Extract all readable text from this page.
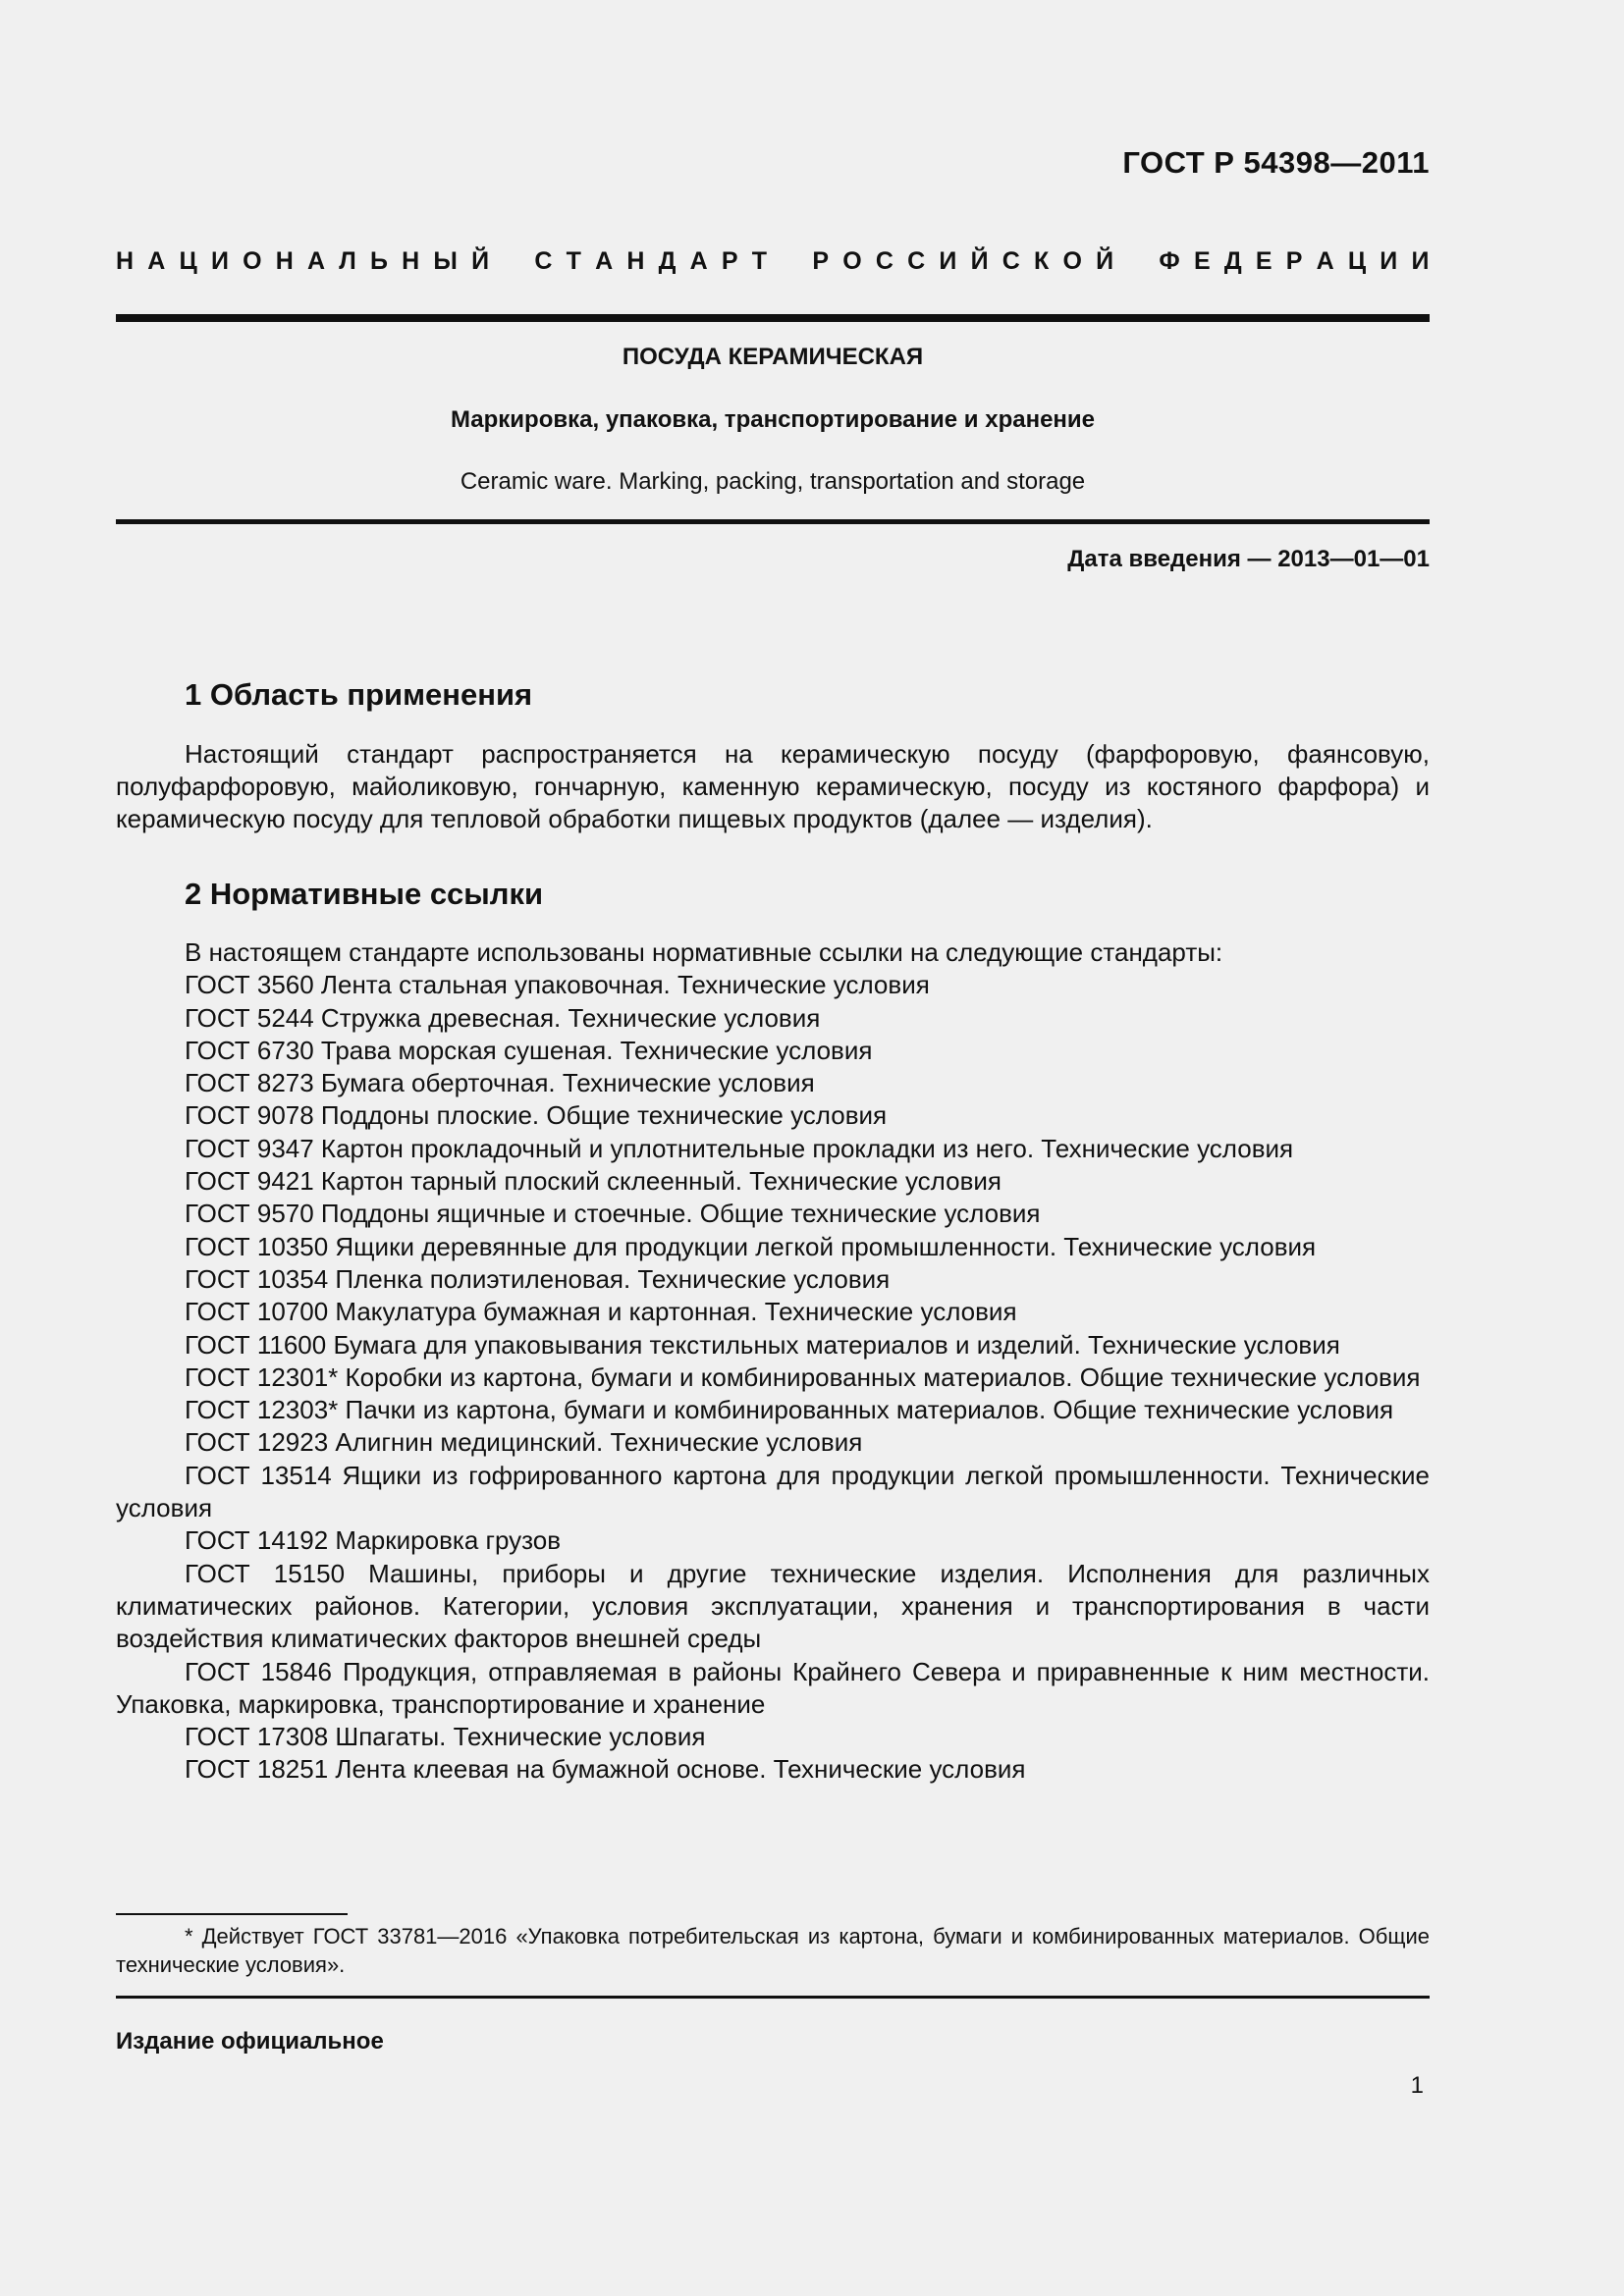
ГОСТ Р 54398—2011
Н А Ц И О Н А Л Ь Н Ы Й С Т А Н Д А Р Т Р О С С И Й С К О Й Ф Е Д Е Р А Ц И И
ПОСУДА КЕРАМИЧЕСКАЯ
Маркировка, упаковка, транспортирование и хранение
Ceramic ware. Marking, packing, transportation and storage
Дата введения — 2013—01—01
1 Область применения

Настоящий стандарт распространяется на керамическую посуду (фарфоровую, фаянсовую, полуфарфоровую, майоликовую, гончарную, каменную керамическую, посуду из костяного фарфора) и керамическую посуду для тепловой обработки пищевых продуктов (далее — изделия).

2 Нормативные ссылки

В настоящем стандарте использованы нормативные ссылки на следующие стандарты:

ГОСТ 3560 Лента стальная упаковочная. Технические условия

ГОСТ 5244 Стружка древесная. Технические условия

ГОСТ 6730 Трава морская сушеная. Технические условия

ГОСТ 8273 Бумага оберточная. Технические условия

ГОСТ 9078 Поддоны плоские. Общие технические условия

ГОСТ 9347 Картон прокладочный и уплотнительные прокладки из него. Технические условия

ГОСТ 9421 Картон тарный плоский склеенный. Технические условия

ГОСТ 9570 Поддоны ящичные и стоечные. Общие технические условия

ГОСТ 10350 Ящики деревянные для продукции легкой промышленности. Технические условия

ГОСТ 10354 Пленка полиэтиленовая. Технические условия

ГОСТ 10700 Макулатура бумажная и картонная. Технические условия

ГОСТ 11600 Бумага для упаковывания текстильных материалов и изделий. Технические условия

ГОСТ 12301* Коробки из картона, бумаги и комбинированных материалов. Общие технические условия

ГОСТ 12303* Пачки из картона, бумаги и комбинированных материалов. Общие технические условия

ГОСТ 12923 Алигнин медицинский. Технические условия

ГОСТ 13514 Ящики из гофрированного картона для продукции легкой промышленности. Технические условия

ГОСТ 14192 Маркировка грузов

ГОСТ 15150 Машины, приборы и другие технические изделия. Исполнения для различных климатических районов. Категории, условия эксплуатации, хранения и транспортирования в части воздействия климатических факторов внешней среды

ГОСТ 15846 Продукция, отправляемая в районы Крайнего Севера и приравненные к ним местности. Упаковка, маркировка, транспортирование и хранение

ГОСТ 17308 Шпагаты. Технические условия

ГОСТ 18251 Лента клеевая на бумажной основе. Технические условия

* Действует ГОСТ 33781—2016 «Упаковка потребительская из картона, бумаги и комбинированных материалов. Общие технические условия».

Издание официальное
1
